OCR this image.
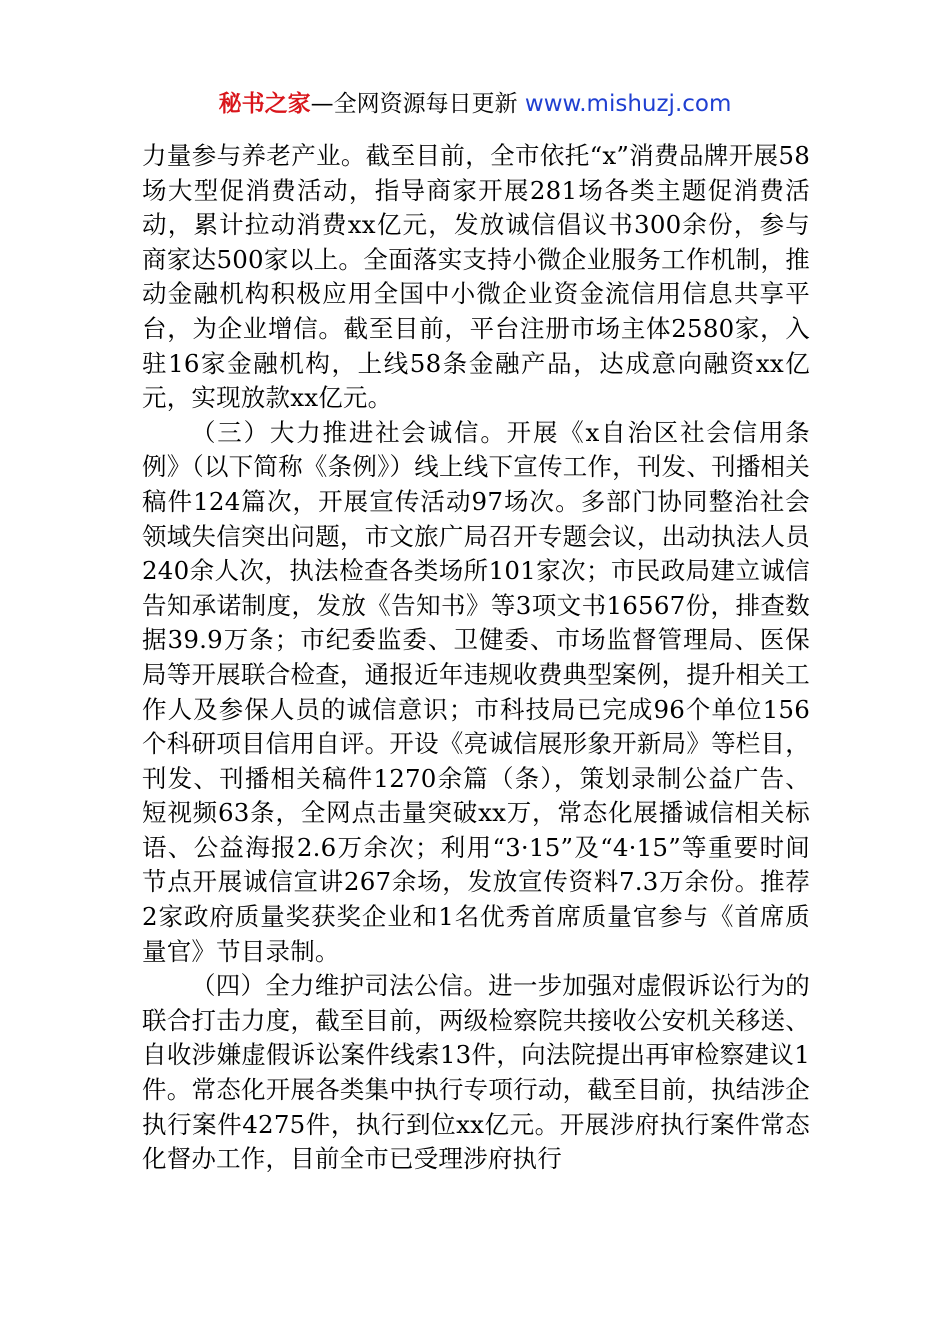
秘书之家—全网资源每日更新 www.mishuzj.com

力量参与养老产业。截至目前，全市依托“x”消费品牌开展58场大型促消费活动，指导商家开展281场各类主题促消费活动，累计拉动消费xx亿元，发放诚信倡议书300余份，参与商家达500家以上。全面落实支持小微企业服务工作机制，推动金融机构积极应用全国中小微企业资金流信用信息共享平台，为企业增信。截至目前，平台注册市场主体2580家，入驻16家金融机构，上线58条金融产品，达成意向融资xx亿元，实现放款xx亿元。

（三）大力推进社会诚信。开展《x自治区社会信用条例》（以下简称《条例》）线上线下宣传工作，刊发、刊播相关稿件124篇次，开展宣传活动97场次。多部门协同整治社会领域失信突出问题，市文旅广局召开专题会议，出动执法人员240余人次，执法检查各类场所101家次；市民政局建立诚信告知承诺制度，发放《告知书》等3项文书16567份，排查数据39.9万条；市纪委监委、卫健委、市场监督管理局、医保局等开展联合检查，通报近年违规收费典型案例，提升相关工作人及参保人员的诚信意识；市科技局已完成96个单位156个科研项目信用自评。开设《亮诚信展形象开新局》等栏目，刊发、刊播相关稿件1270余篇（条），策划录制公益广告、短视频63条，全网点击量突破xx万，常态化展播诚信相关标语、公益海报2.6万余次；利用“3·15”及“4·15”等重要时间节点开展诚信宣讲267余场，发放宣传资料7.3万余份。推荐2家政府质量奖获奖企业和1名优秀首席质量官参与《首席质量官》节目录制。

（四）全力维护司法公信。进一步加强对虚假诉讼行为的联合打击力度，截至目前，两级检察院共接收公安机关移送、自收涉嫌虚假诉讼案件线索13件，向法院提出再审检察建议1件。常态化开展各类集中执行专项行动，截至目前，执结涉企执行案件4275件，执行到位xx亿元。开展涉府执行案件常态化督办工作，目前全市已受理涉府执行
